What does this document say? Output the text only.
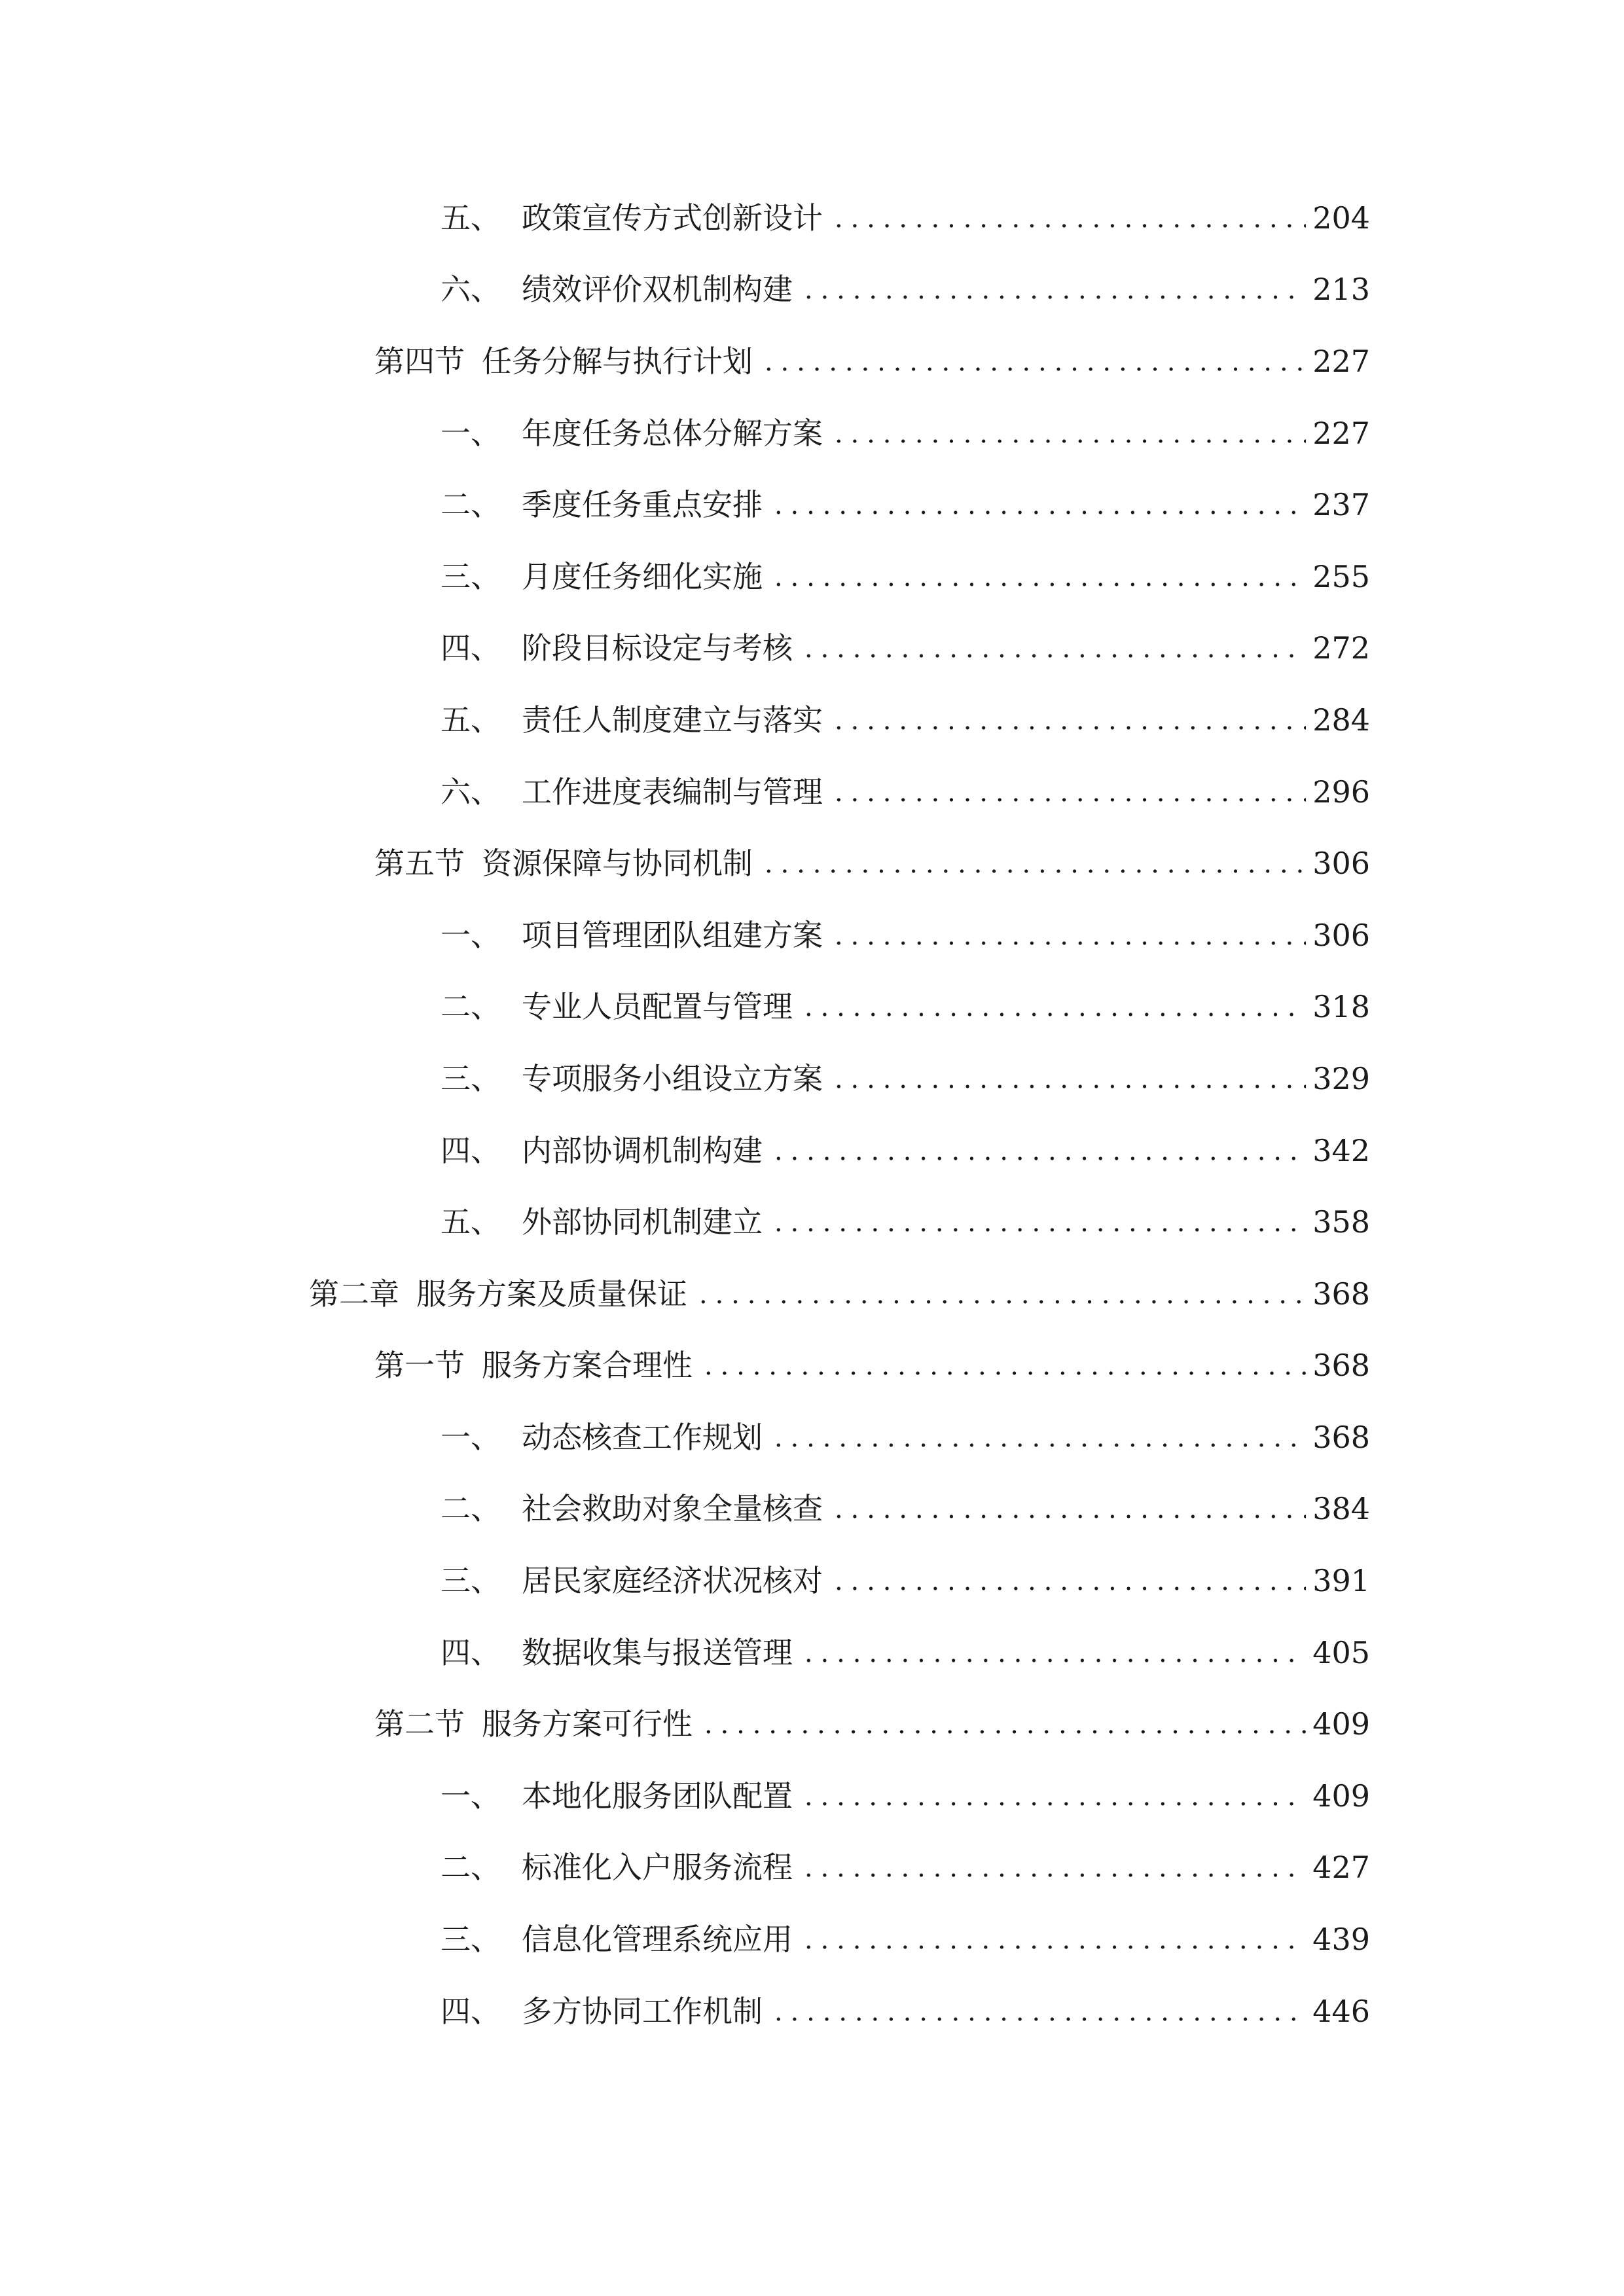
五、 政策宣传方式创新设计	204
六、 绩效评价双机制构建	213
第四节 任务分解与执行计划	227
一、 年度任务总体分解方案	227
二、 季度任务重点安排	237
三、 月度任务细化实施	255
四、 阶段目标设定与考核	272
五、 责任人制度建立与落实	284
六、 工作进度表编制与管理	296
第五节 资源保障与协同机制	306
一、 项目管理团队组建方案	306
二、 专业人员配置与管理	318
三、 专项服务小组设立方案	329
四、 内部协调机制构建	342
五、 外部协同机制建立	358
第二章 服务方案及质量保证	368
第一节 服务方案合理性	368
一、 动态核查工作规划	368
二、 社会救助对象全量核查	384
三、 居民家庭经济状况核对	391
四、 数据收集与报送管理	405
第二节 服务方案可行性	409
一、 本地化服务团队配置	409
二、 标准化入户服务流程	427
三、 信息化管理系统应用	439
四、 多方协同工作机制	446
